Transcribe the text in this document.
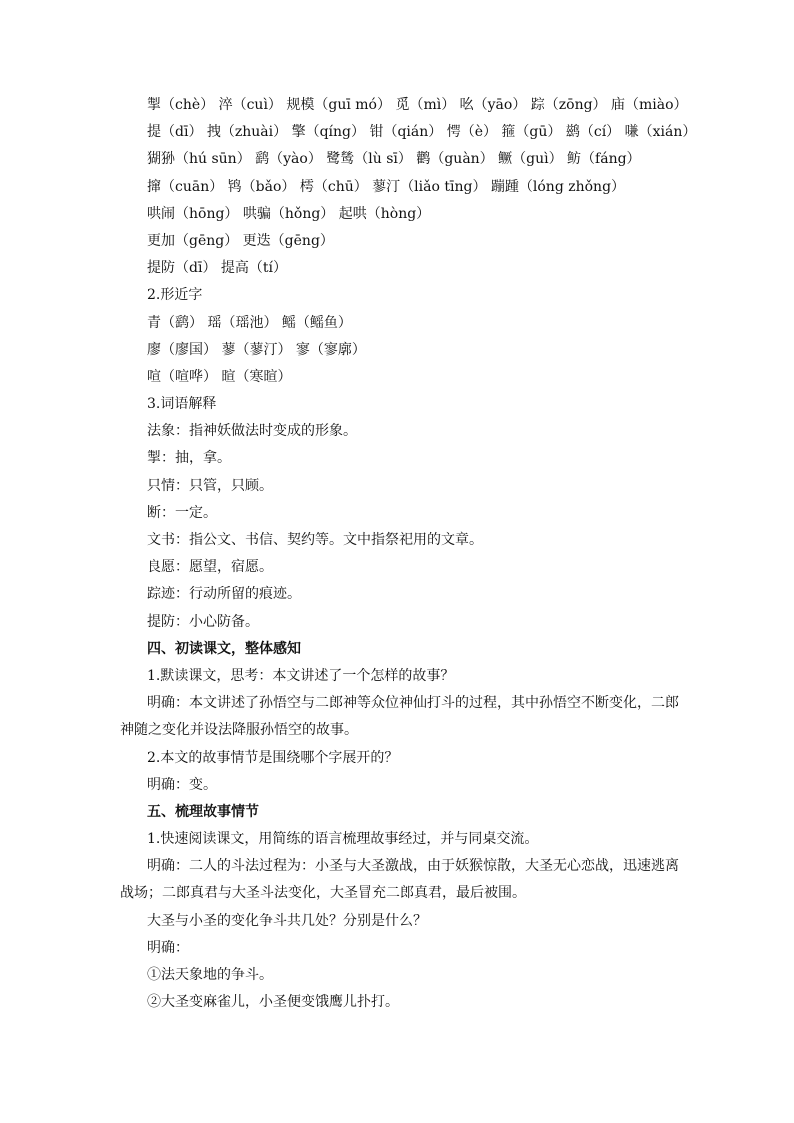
掣（chè） 淬（cuì） 规模（guī mó） 觅（mì） 吆（yāo） 踪（zōng） 庙（miào）
提（dī） 拽（zhuài） 擎（qíng） 钳（qián） 愕（è） 箍（gū） 鹚（cí） 嗛（xián）
猢狲（hú sūn） 鹞（yào） 鹭鸶（lù sī） 鹳（guàn） 鳜（guì） 鲂（fáng）
撺（cuān） 鸨（bǎo） 樗（chū） 蓼汀（liǎo tīng） 蹦踵（lóng zhǒng）
哄闹（hōng） 哄骗（hǒng） 起哄（hòng）
更加（gēng） 更迭（gēng）
提防（dī） 提高（tí）
2.形近字
青（鹞） 瑶（瑶池） 鳐（鳐鱼）
廖（廖国） 蓼（蓼汀） 寥（寥廓）
喧（喧哗） 暄（寒暄）
3.词语解释
法象：指神妖做法时变成的形象。
掣：抽，拿。
只情：只管，只顾。
断：一定。
文书：指公文、书信、契约等。文中指祭祀用的文章。
良愿：愿望，宿愿。
踪迹：行动所留的痕迹。
提防：小心防备。
四、初读课文，整体感知
1.默读课文，思考：本文讲述了一个怎样的故事？
明确：本文讲述了孙悟空与二郎神等众位神仙打斗的过程，其中孙悟空不断变化，二郎
神随之变化并设法降服孙悟空的故事。
2.本文的故事情节是围绕哪个字展开的？
明确：变。
五、梳理故事情节
1.快速阅读课文，用简练的语言梳理故事经过，并与同桌交流。
明确：二人的斗法过程为：小圣与大圣激战，由于妖猴惊散，大圣无心恋战，迅速逃离
战场；二郎真君与大圣斗法变化，大圣冒充二郎真君，最后被围。
大圣与小圣的变化争斗共几处？分别是什么？
明确：
①法天象地的争斗。
②大圣变麻雀儿，小圣便变饿鹰儿扑打。
